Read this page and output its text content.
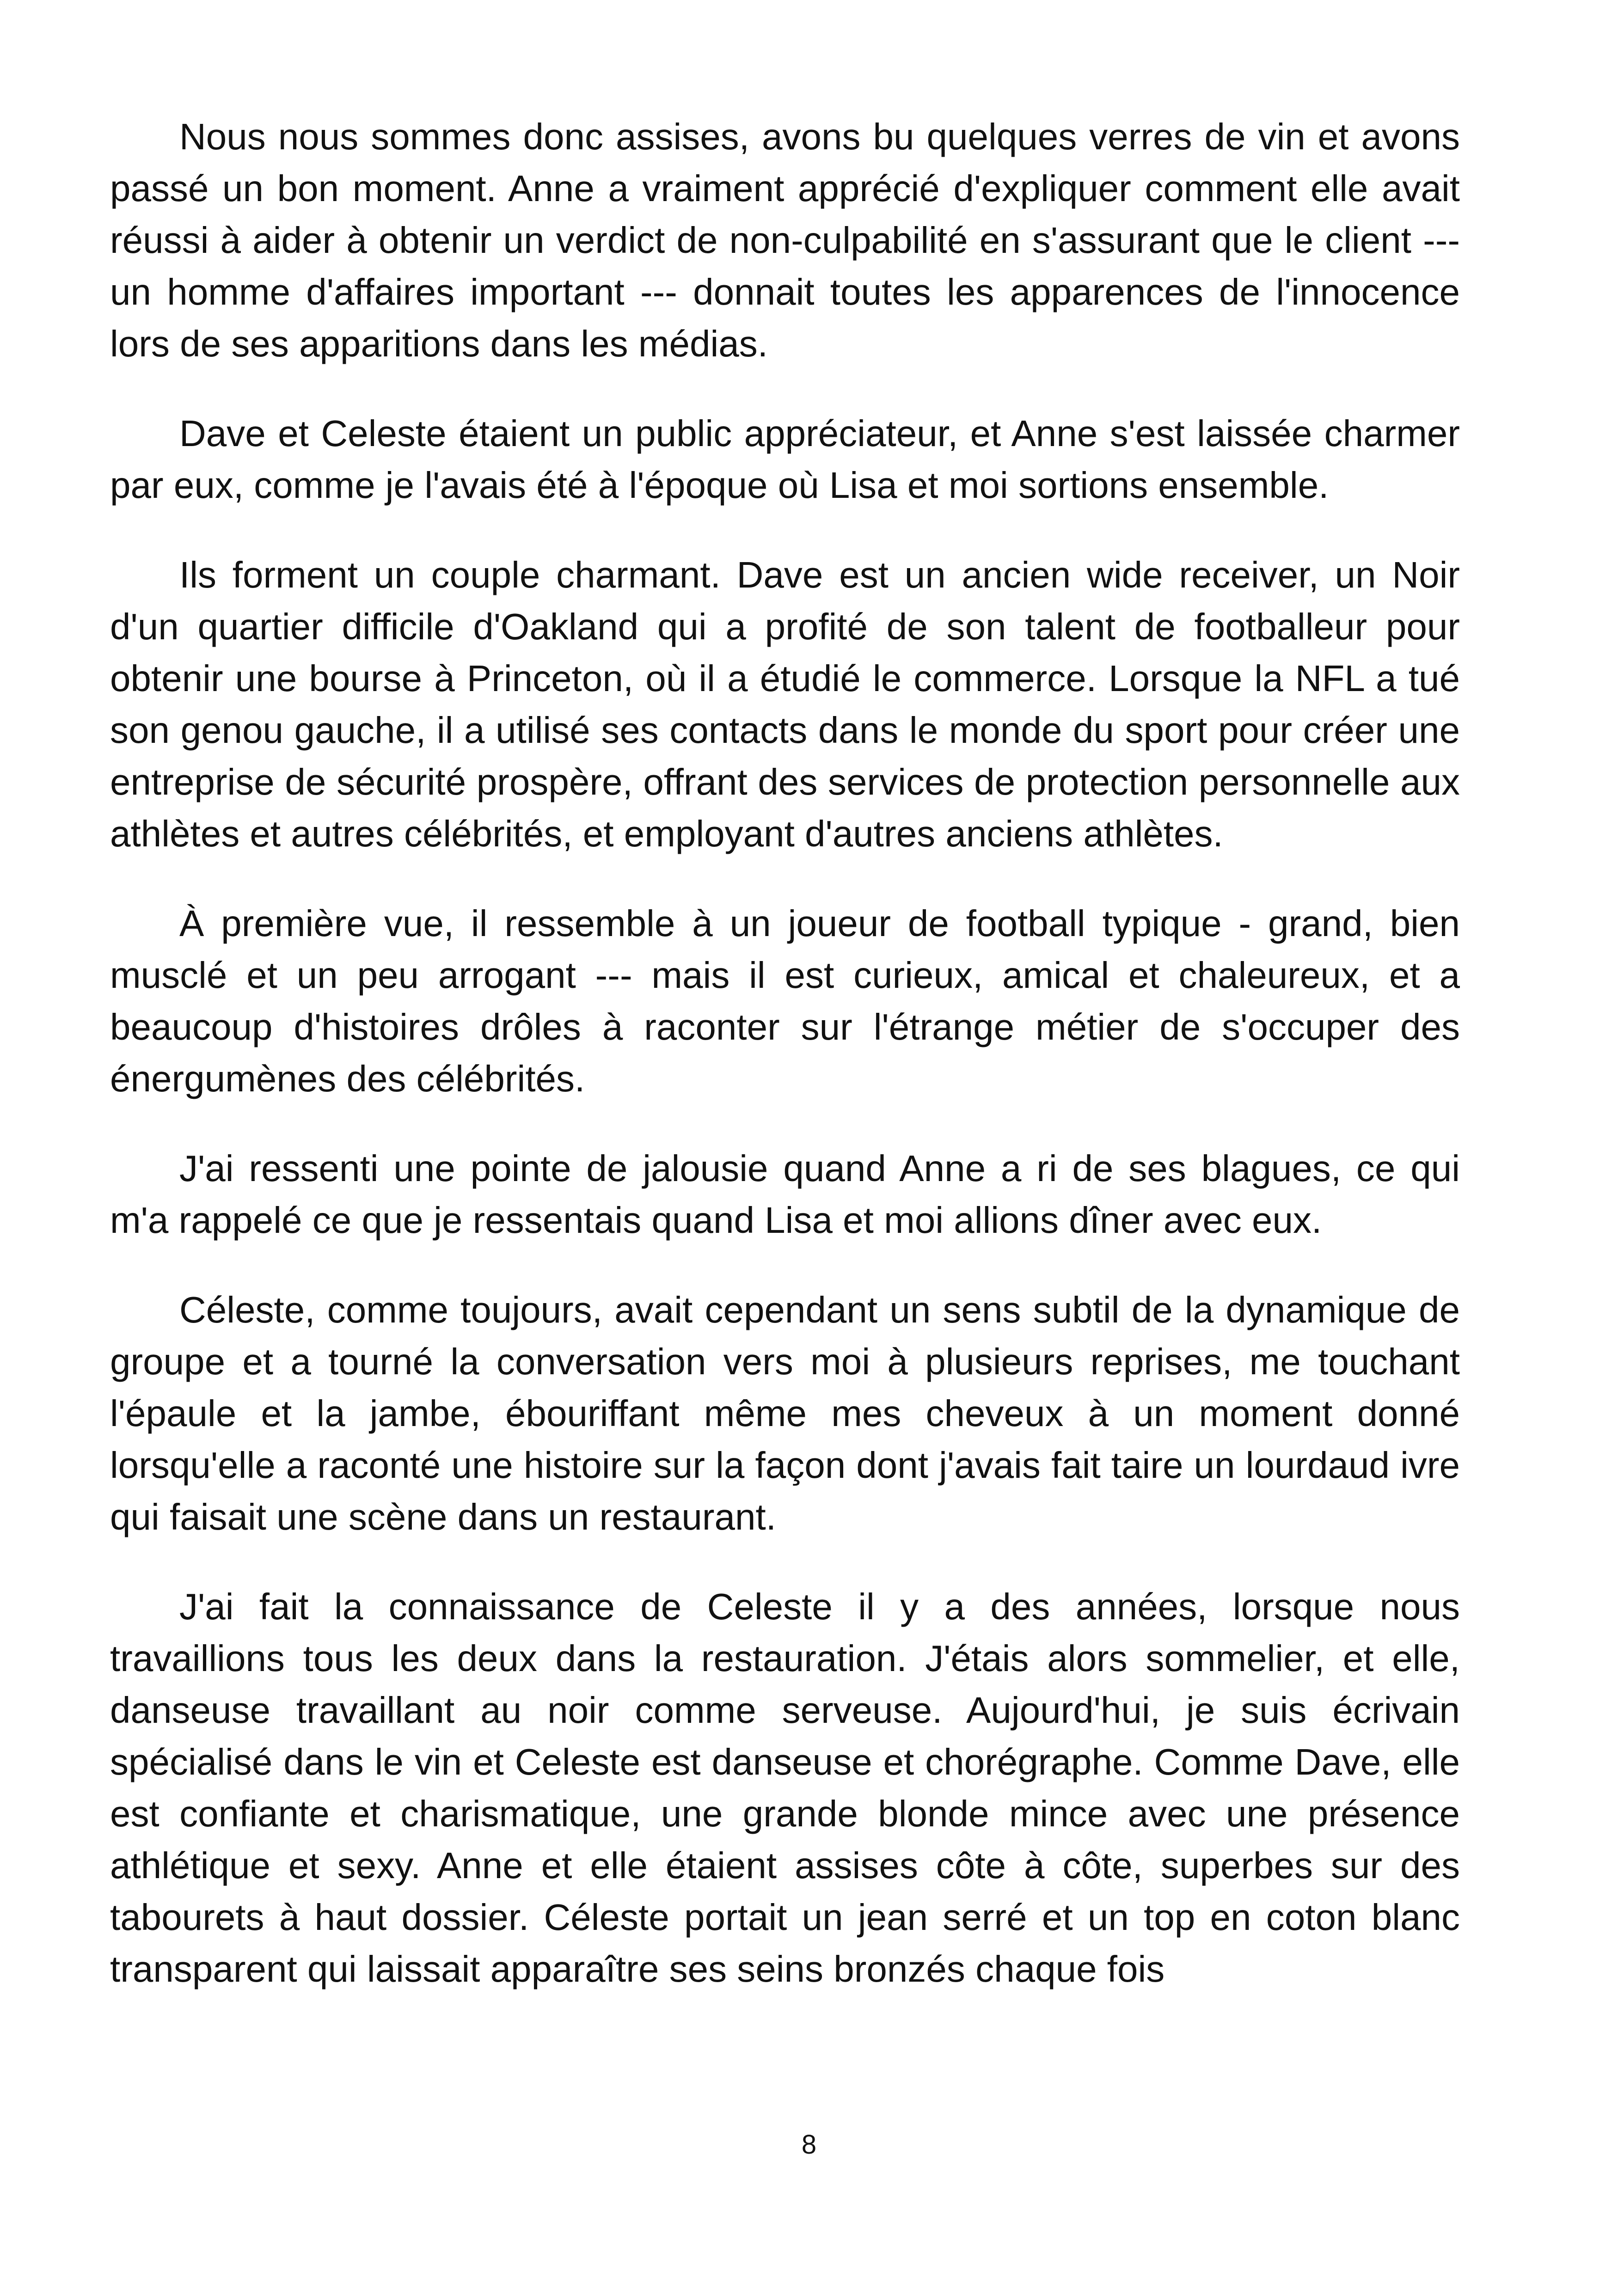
Nous nous sommes donc assises, avons bu quelques verres de vin et avons passé un bon moment. Anne a vraiment apprécié d'expliquer comment elle avait réussi à aider à obtenir un verdict de non-culpabilité en s'assurant que le client --- un homme d'affaires important --- donnait toutes les apparences de l'innocence lors de ses apparitions dans les médias.

Dave et Celeste étaient un public appréciateur, et Anne s'est laissée charmer par eux, comme je l'avais été à l'époque où Lisa et moi sortions ensemble.

Ils forment un couple charmant. Dave est un ancien wide receiver, un Noir d'un quartier difficile d'Oakland qui a profité de son talent de footballeur pour obtenir une bourse à Princeton, où il a étudié le commerce. Lorsque la NFL a tué son genou gauche, il a utilisé ses contacts dans le monde du sport pour créer une entreprise de sécurité prospère, offrant des services de protection personnelle aux athlètes et autres célébrités, et employant d'autres anciens athlètes.

À première vue, il ressemble à un joueur de football typique - grand, bien musclé et un peu arrogant --- mais il est curieux, amical et chaleureux, et a beaucoup d'histoires drôles à raconter sur l'étrange métier de s'occuper des énergumènes des célébrités.

J'ai ressenti une pointe de jalousie quand Anne a ri de ses blagues, ce qui m'a rappelé ce que je ressentais quand Lisa et moi allions dîner avec eux.

Céleste, comme toujours, avait cependant un sens subtil de la dynamique de groupe et a tourné la conversation vers moi à plusieurs reprises, me touchant l'épaule et la jambe, ébouriffant même mes cheveux à un moment donné lorsqu'elle a raconté une histoire sur la façon dont j'avais fait taire un lourdaud ivre qui faisait une scène dans un restaurant.

J'ai fait la connaissance de Celeste il y a des années, lorsque nous travaillions tous les deux dans la restauration. J'étais alors sommelier, et elle, danseuse travaillant au noir comme serveuse. Aujourd'hui, je suis écrivain spécialisé dans le vin et Celeste est danseuse et chorégraphe. Comme Dave, elle est confiante et charismatique, une grande blonde mince avec une présence athlétique et sexy. Anne et elle étaient assises côte à côte, superbes sur des tabourets à haut dossier. Céleste portait un jean serré et un top en coton blanc transparent qui laissait apparaître ses seins bronzés chaque fois

8
